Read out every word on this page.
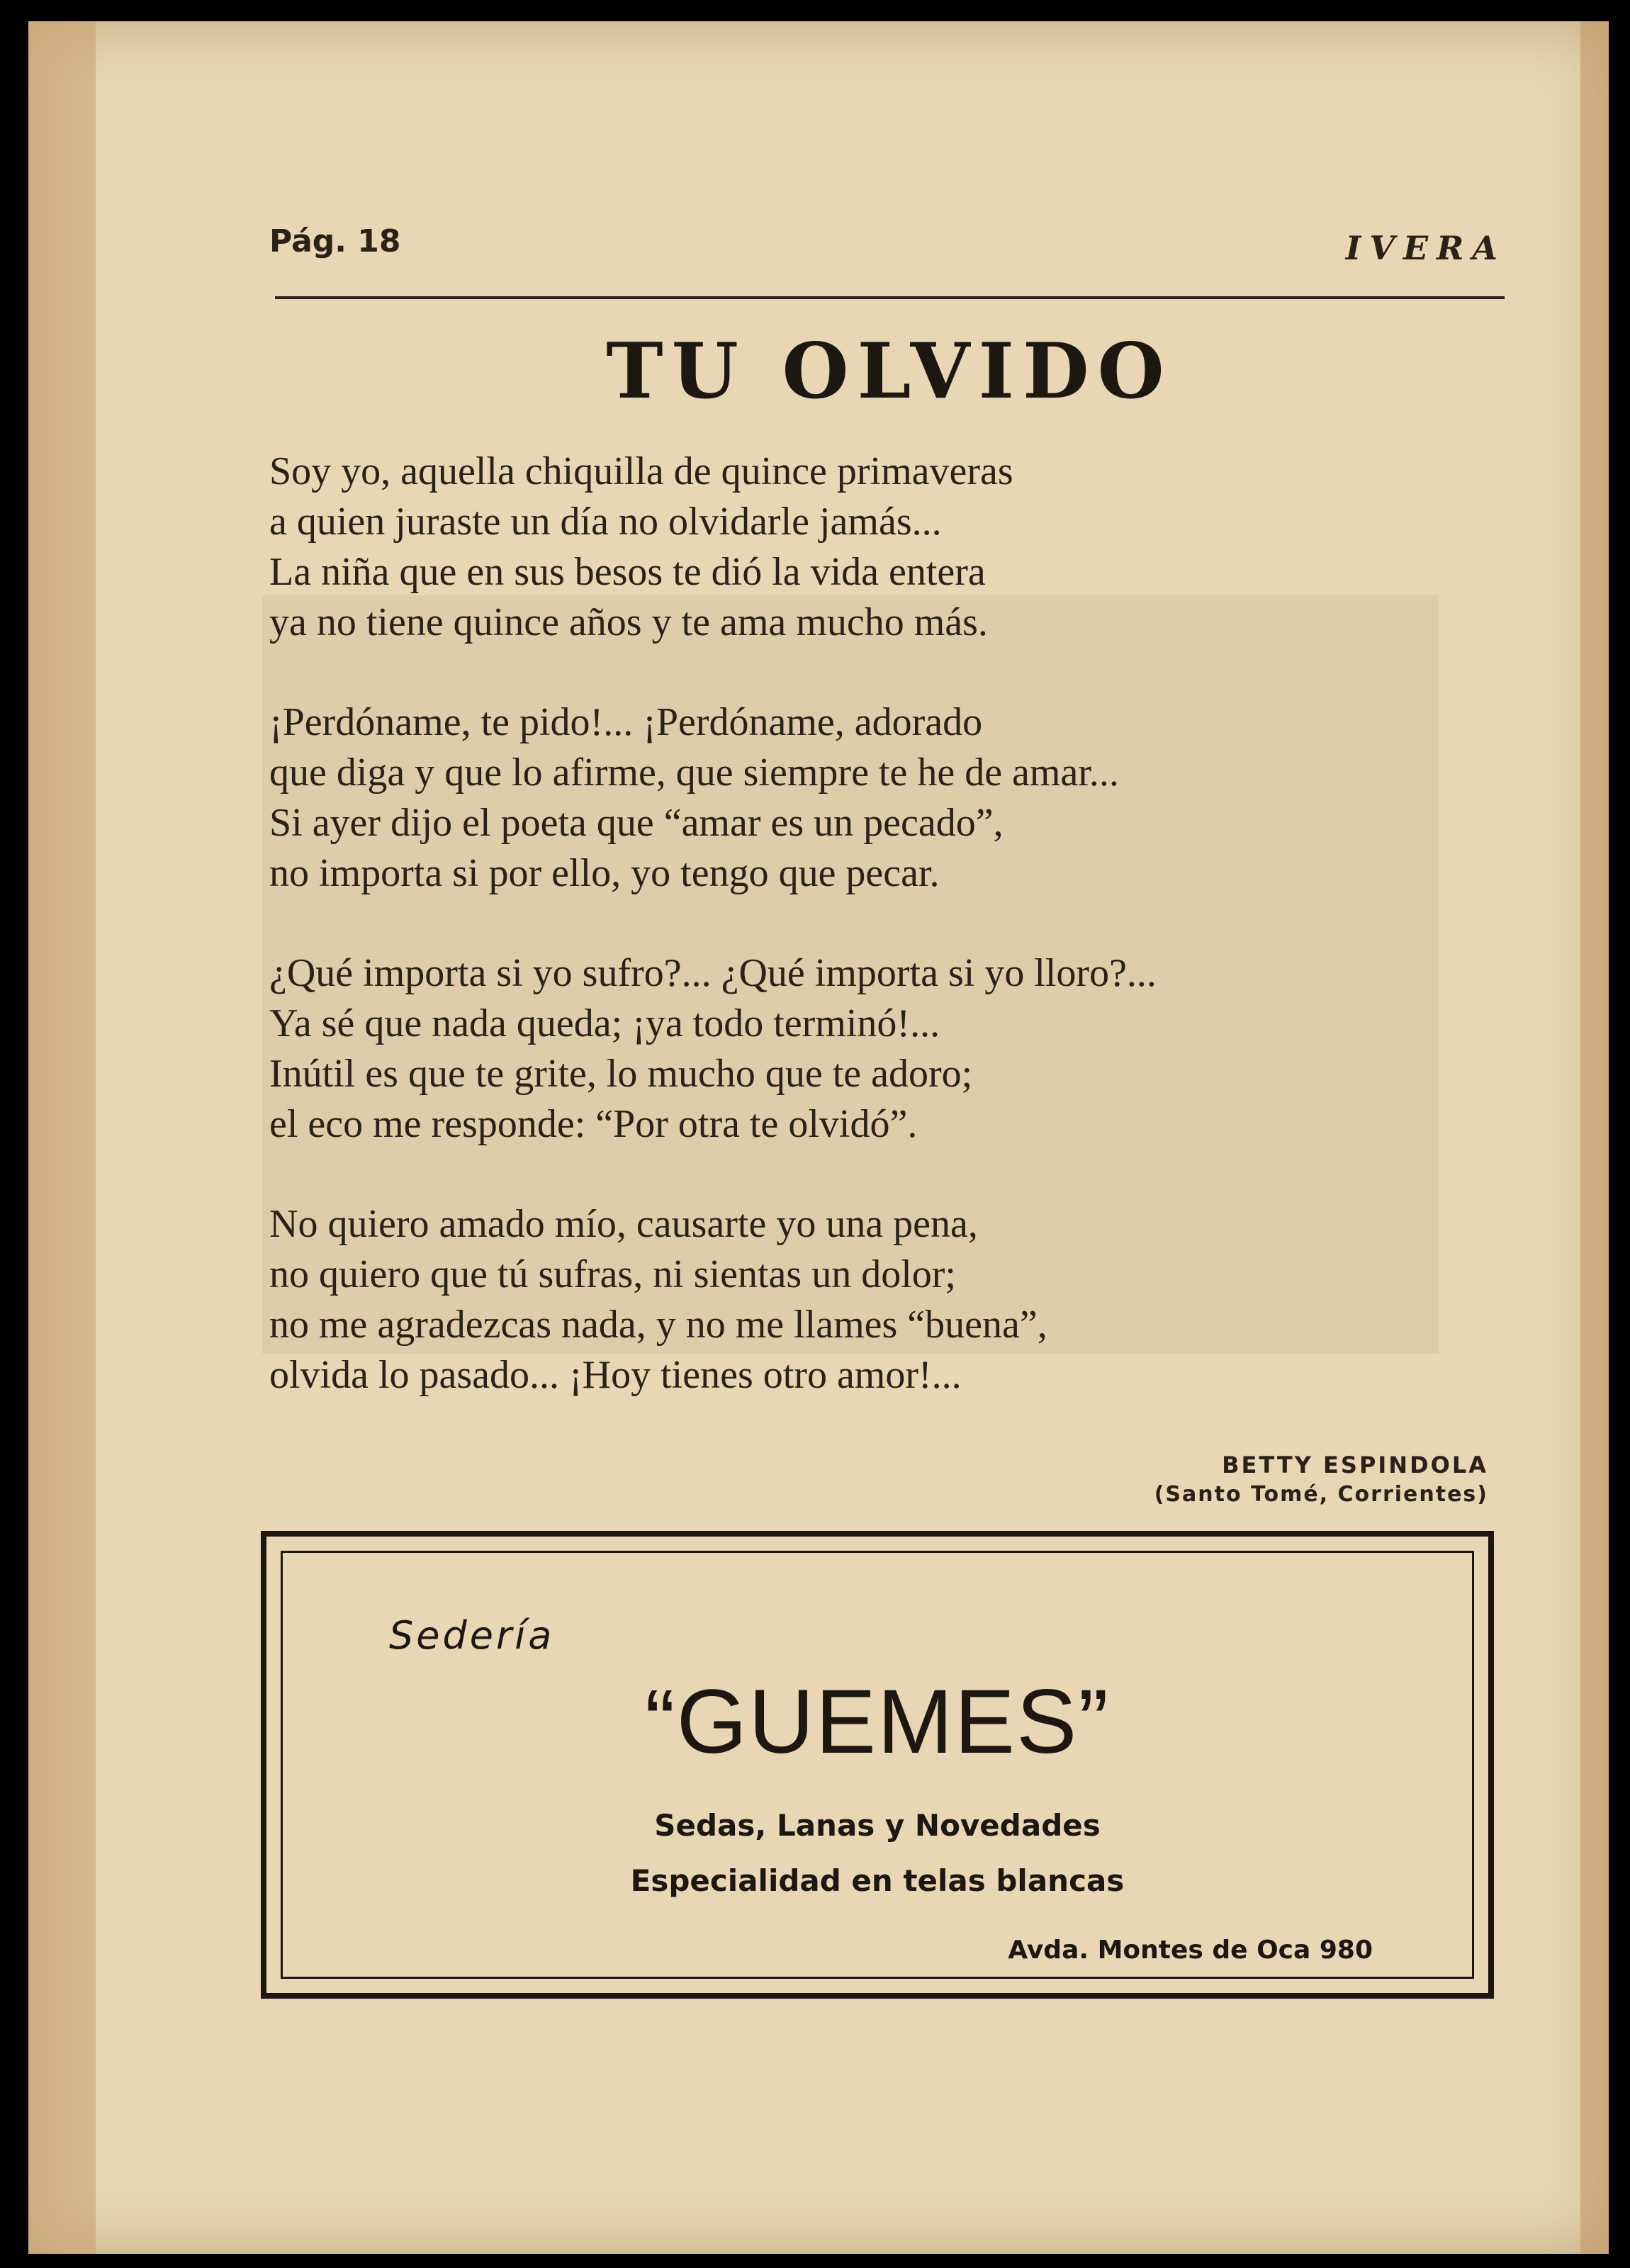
Pág. 18	IVERA
TU OLVIDO
Soy yo, aquella chiquilla de quince primaveras
a quien juraste un día no olvidarle jamás...
La niña que en sus besos te dió la vida entera
ya no tiene quince años y te ama mucho más.
¡Perdóname, te pido!... ¡Perdóname, adorado
que diga y que lo afirme, que siempre te he de amar...
Si ayer dijo el poeta que “amar es un pecado”,
no importa si por ello, yo tengo que pecar.
¿Qué importa si yo sufro?... ¿Qué importa si yo lloro?...
Ya sé que nada queda; ¡ya todo terminó!...
Inútil es que te grite, lo mucho que te adoro;
el eco me responde: “Por otra te olvidó”.
No quiero amado mío, causarte yo una pena,
no quiero que tú sufras, ni sientas un dolor;
no me agradezcas nada, y no me llames “buena”,
olvida lo pasado... ¡Hoy tienes otro amor!...
BETTY ESPINDOLA
(Santo Tomé, Corrientes)
Sedería
“GUEMES”
Sedas, Lanas y Novedades
Especialidad en telas blancas
Avda. Montes de Oca 980
